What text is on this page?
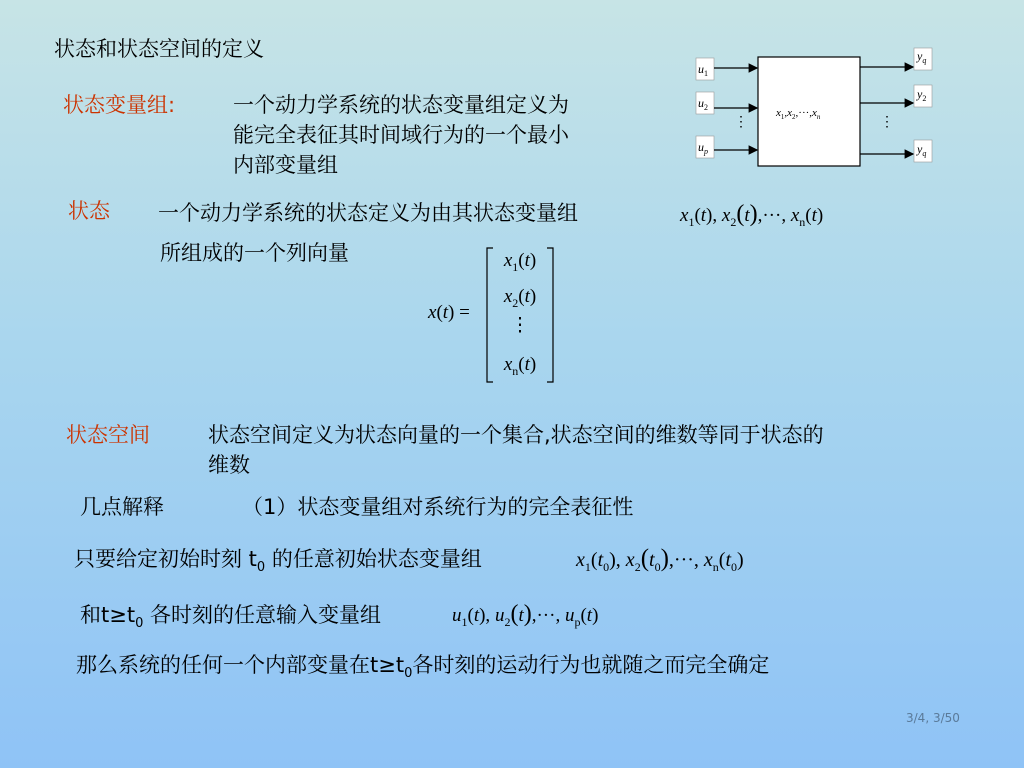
状态和状态空间的定义
状态变量组:	一个动力学系统的状态变量组定义为
能完全表征其时间域行为的一个最小
内部变量组
⋮	⋮
$u_1$
$u_2$
$u_p$
$y_q$
$y_2$
$y_q$
$x_1,x_2,\cdot\cdot\cdot,x_n$
状态 一个动力学系统的状态定义为由其状态变量组	$x_1(t)$, $x_2(t),\cdot\cdot\cdot$, $x_n(t)$
所组成的一个列向量
x(t) =
$x_1(t)$
$x_2(t)$
⋮
$x_n(t)$
状态空间	状态空间定义为状态向量的一个集合,状态空间的维数等同于状态的
维数
几点解释	（1）状态变量组对系统行为的完全表征性
只要给定初始时刻 $t_0$ 的任意初始状态变量组	$x_1(t_0)$, $x_2(t_0),\cdot\cdot\cdot$, $x_n(t_0)$
和$t\ge t_0$ 各时刻的任意输入变量组	$u_1(t)$, $u_2(t),\cdot\cdot\cdot$, $u_p(t)$
那么系统的任何一个内部变量在$t\ge t_0$各时刻的运动行为也就随之而完全确定
3/4, 3/50
